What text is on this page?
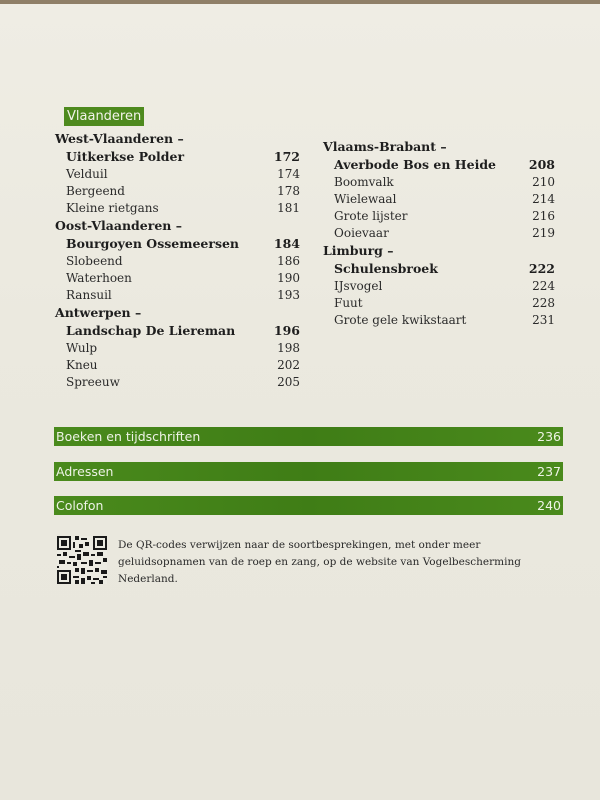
Vlaanderen
West-Vlaanderen –
Uitkerkse Polder	172
Velduil	174
Bergeend	178
Kleine rietgans	181
Oost-Vlaanderen –
Bourgoyen Ossemeersen	184
Slobeend	186
Waterhoen	190
Ransuil	193
Antwerpen –
Landschap De Liereman	196
Wulp	198
Kneu	202
Spreeuw	205
Vlaams-Brabant –
Averbode Bos en Heide	208
Boomvalk	210
Wielewaal	214
Grote lijster	216
Ooievaar	219
Limburg –
Schulensbroek	222
IJsvogel	224
Fuut	228
Grote gele kwikstaart	231
Boeken en tijdschriften	236
Adressen	237
Colofon	240
De QR-codes verwijzen naar de soortbesprekingen, met onder meer geluidsopnamen van de roep en zang, op de website van Vogelbescherming Nederland.
